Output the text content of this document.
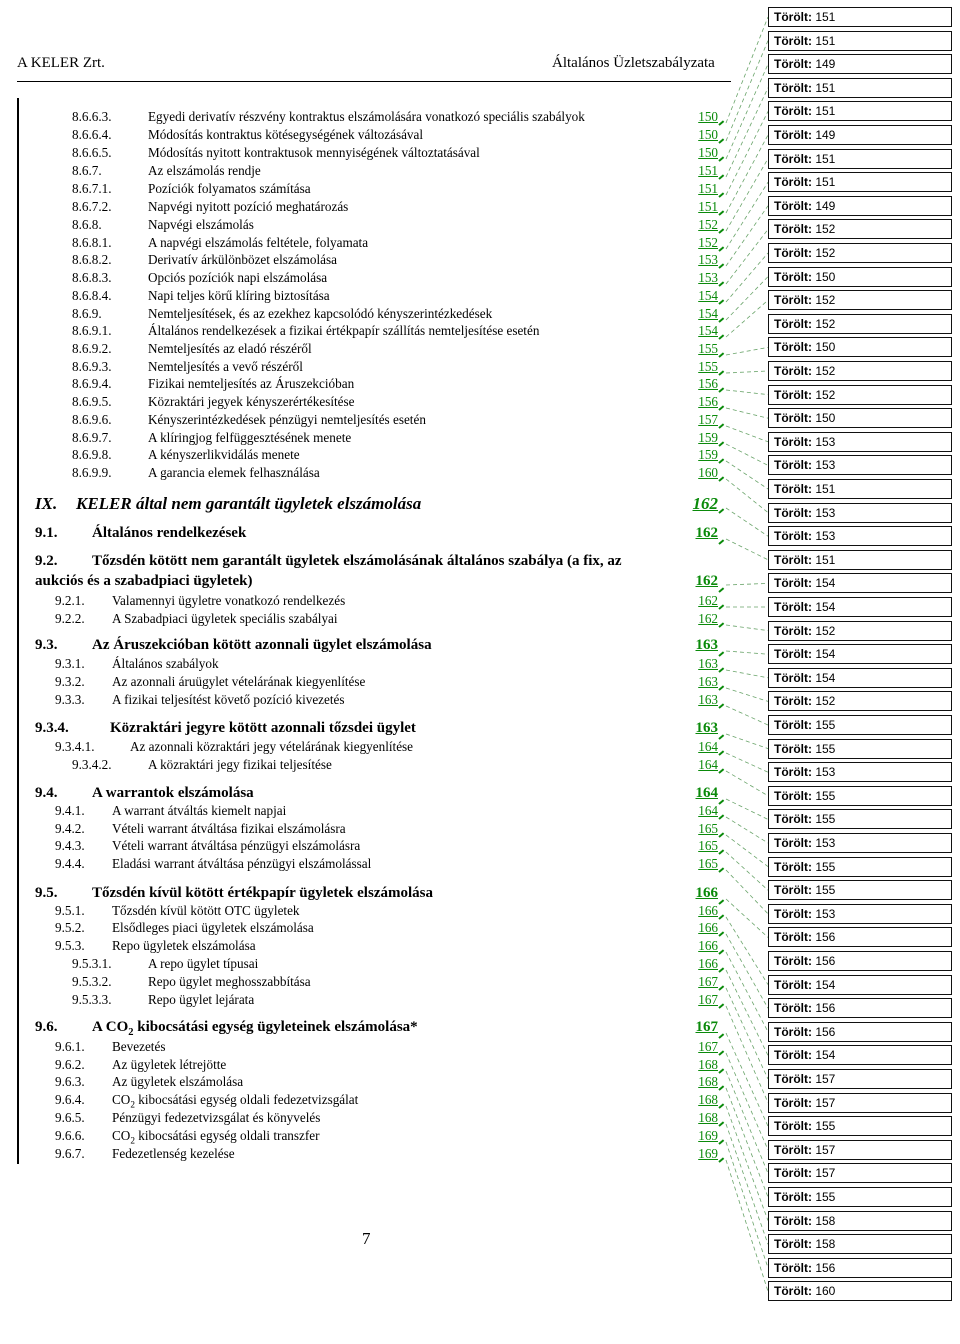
A KELER Zrt.	Általános Üzletszabályzata
8.6.6.3.	Egyedi derivatív részvény kontraktus elszámolására vonatkozó speciális szabályok	150
8.6.6.4.	Módosítás kontraktus kötésegységének változásával	150
8.6.6.5.	Módosítás nyitott kontraktusok mennyiségének változtatásával	150
8.6.7.	Az elszámolás rendje	151
8.6.7.1.	Pozíciók folyamatos számítása	151
8.6.7.2.	Napvégi nyitott pozíció meghatározás	151
8.6.8.	Napvégi elszámolás	152
8.6.8.1.	A napvégi elszámolás feltétele, folyamata	152
8.6.8.2.	Derivatív árkülönbözet elszámolása	153
8.6.8.3.	Opciós pozíciók napi elszámolása	153
8.6.8.4.	Napi teljes körű klíring biztosítása	154
8.6.9.	Nemteljesítések, és az ezekhez kapcsolódó kényszerintézkedések	154
8.6.9.1.	Általános rendelkezések a fizikai értékpapír szállítás nemteljesítése esetén	154
8.6.9.2.	Nemteljesítés az eladó részéről	155
8.6.9.3.	Nemteljesítés a vevő részéről	155
8.6.9.4.	Fizikai nemteljesítés az Áruszekcióban	156
8.6.9.5.	Közraktári jegyek kényszerértékesítése	156
8.6.9.6.	Kényszerintézkedések pénzügyi nemteljesítés esetén	157
8.6.9.7.	A klíringjog felfüggesztésének menete	159
8.6.9.8.	A kényszerlikvidálás menete	159
8.6.9.9.	A garancia elemek felhasználása	160
IX. KELER által nem garantált ügyletek elszámolása	162
9.1. Általános rendelkezések	162
9.2. Tőzsdén kötött nem garantált ügyletek elszámolásának általános szabálya (a fix, az
aukciós és a szabadpiaci ügyletek)	162
9.2.1. Valamennyi ügyletre vonatkozó rendelkezés	162
9.2.2. A Szabadpiaci ügyletek speciális szabályai	162
9.3. Az Áruszekcióban kötött azonnali ügylet elszámolása	163
9.3.1. Általános szabályok	163
9.3.2. Az azonnali áruügylet vételárának kiegyenlítése	163
9.3.3. A fizikai teljesítést követő pozíció kivezetés	163
9.3.4.	Közraktári jegyre kötött azonnali tőzsdei ügylet	163
9.3.4.1.	Az azonnali közraktári jegy vételárának kiegyenlítése	164
9.3.4.2.	A közraktári jegy fizikai teljesítése	164
9.4. A warrantok elszámolása	164
9.4.1. A warrant átváltás kiemelt napjai	164
9.4.2. Vételi warrant átváltása fizikai elszámolásra	165
9.4.3. Vételi warrant átváltása pénzügyi elszámolásra	165
9.4.4. Eladási warrant átváltása pénzügyi elszámolással	165
9.5. Tőzsdén kívül kötött értékpapír ügyletek elszámolása	166
9.5.1. Tőzsdén kívül kötött OTC ügyletek	166
9.5.2. Elsődleges piaci ügyletek elszámolása	166
9.5.3. Repo ügyletek elszámolása	166
9.5.3.1.	A repo ügylet típusai	166
9.5.3.2.	Repo ügylet meghosszabbítása	167
9.5.3.3.	Repo ügylet lejárata	167
9.6. A $CO_2$ kibocsátási egység ügyleteinek elszámolása*	167
9.6.1. Bevezetés	167
9.6.2. Az ügyletek létrejötte	168
9.6.3. Az ügyletek elszámolása	168
9.6.4. $CO_2$ kibocsátási egység oldali fedezetvizsgálat	168
9.6.5. Pénzügyi fedezetvizsgálat és könyvelés	168
9.6.6. $CO_2$ kibocsátási egység oldali transzfer	169
9.6.7. Fedezetlenség kezelése	169
7
Törölt: 151
Törölt: 151
Törölt: 149
Törölt: 151
Törölt: 151
Törölt: 149
Törölt: 151
Törölt: 151
Törölt: 149
Törölt: 152
Törölt: 152
Törölt: 150
Törölt: 152
Törölt: 152
Törölt: 150
Törölt: 152
Törölt: 152
Törölt: 150
Törölt: 153
Törölt: 153
Törölt: 151
Törölt: 153
Törölt: 153
Törölt: 151
Törölt: 154
Törölt: 154
Törölt: 152
Törölt: 154
Törölt: 154
Törölt: 152
Törölt: 155
Törölt: 155
Törölt: 153
Törölt: 155
Törölt: 155
Törölt: 153
Törölt: 155
Törölt: 155
Törölt: 153
Törölt: 156
Törölt: 156
Törölt: 154
Törölt: 156
Törölt: 156
Törölt: 154
Törölt: 157
Törölt: 157
Törölt: 155
Törölt: 157
Törölt: 157
Törölt: 155
Törölt: 158
Törölt: 158
Törölt: 156
Törölt: 160
